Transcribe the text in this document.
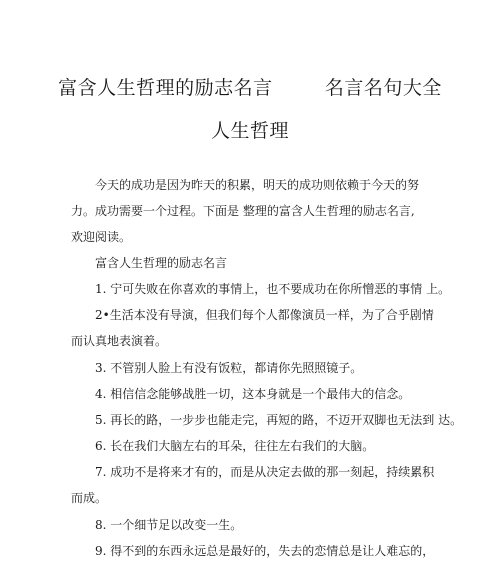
富含人生哲理的励志名言        名言名句大全
人生哲理
今天的成功是因为昨天的积累，明天的成功则依赖于今天的努
力。成功需要一个过程。下面是 整理的富含人生哲理的励志名言,
欢迎阅读。
富含人生哲理的励志名言
1. 宁可失败在你喜欢的事情上，也不要成功在你所憎恶的事情 上。
2•生活本没有导演，但我们每个人都像演员一样，为了合乎剧情
而认真地表演着。
3. 不管别人脸上有没有饭粒，都请你先照照镜子。
4. 相信信念能够战胜一切，这本身就是一个最伟大的信念。
5. 再长的路，一步步也能走完，再短的路，不迈开双脚也无法到 达。
6. 长在我们大脑左右的耳朵，往往左右我们的大脑。
7. 成功不是将来才有的，而是从决定去做的那一刻起，持续累积
而成。
8. 一个细节足以改变一生。
9. 得不到的东西永远总是最好的，失去的恋情总是让人难忘的，
